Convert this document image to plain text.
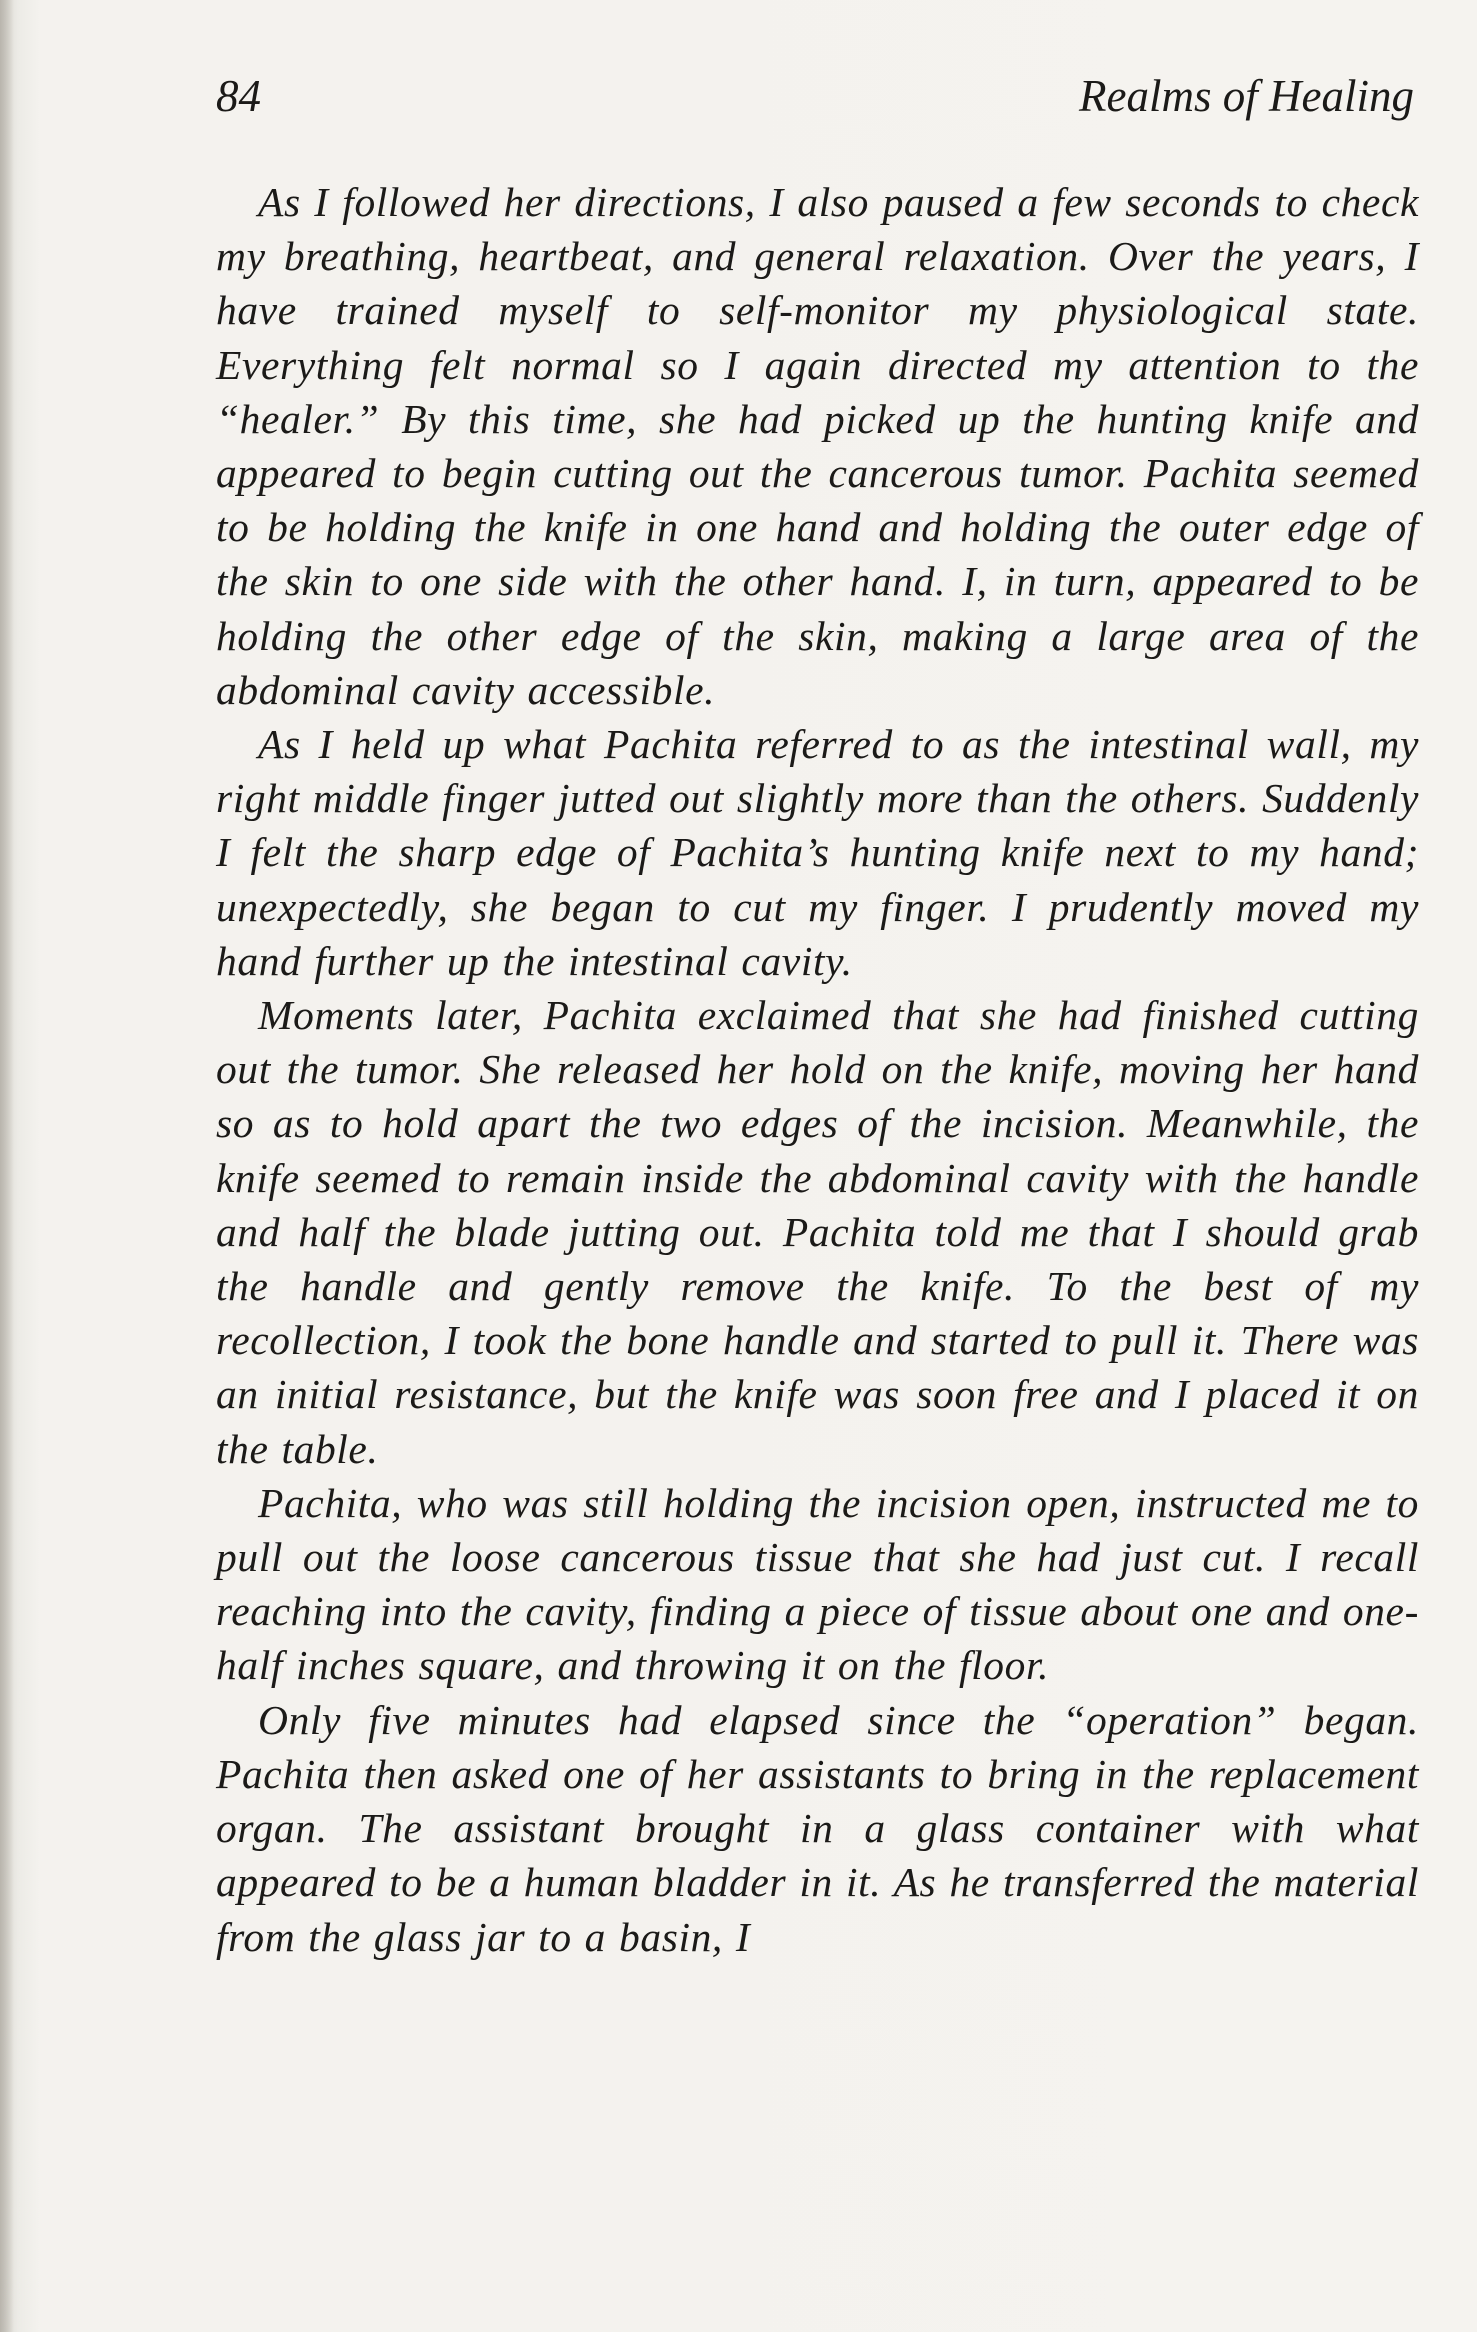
84	Realms of Healing

As I followed her directions, I also paused a few seconds to check my breathing, heartbeat, and general relaxation. Over the years, I have trained myself to self-monitor my physiological state. Everything felt normal so I again directed my attention to the “healer.” By this time, she had picked up the hunting knife and appeared to begin cutting out the cancerous tumor. Pachita seemed to be holding the knife in one hand and holding the outer edge of the skin to one side with the other hand. I, in turn, appeared to be holding the other edge of the skin, making a large area of the abdominal cavity accessible.

As I held up what Pachita referred to as the intestinal wall, my right middle finger jutted out slightly more than the others. Suddenly I felt the sharp edge of Pachita’s hunting knife next to my hand; unexpectedly, she began to cut my finger. I prudently moved my hand further up the intestinal cavity.

Moments later, Pachita exclaimed that she had finished cutting out the tumor. She released her hold on the knife, moving her hand so as to hold apart the two edges of the incision. Meanwhile, the knife seemed to remain inside the abdominal cavity with the handle and half the blade jutting out. Pachita told me that I should grab the handle and gently remove the knife. To the best of my recollection, I took the bone handle and started to pull it. There was an initial resistance, but the knife was soon free and I placed it on the table.

Pachita, who was still holding the incision open, instructed me to pull out the loose cancerous tissue that she had just cut. I recall reaching into the cavity, finding a piece of tissue about one and one-half inches square, and throwing it on the floor.

Only five minutes had elapsed since the “operation” began. Pachita then asked one of her assistants to bring in the replacement organ. The assistant brought in a glass container with what appeared to be a human bladder in it. As he transferred the material from the glass jar to a basin, I
